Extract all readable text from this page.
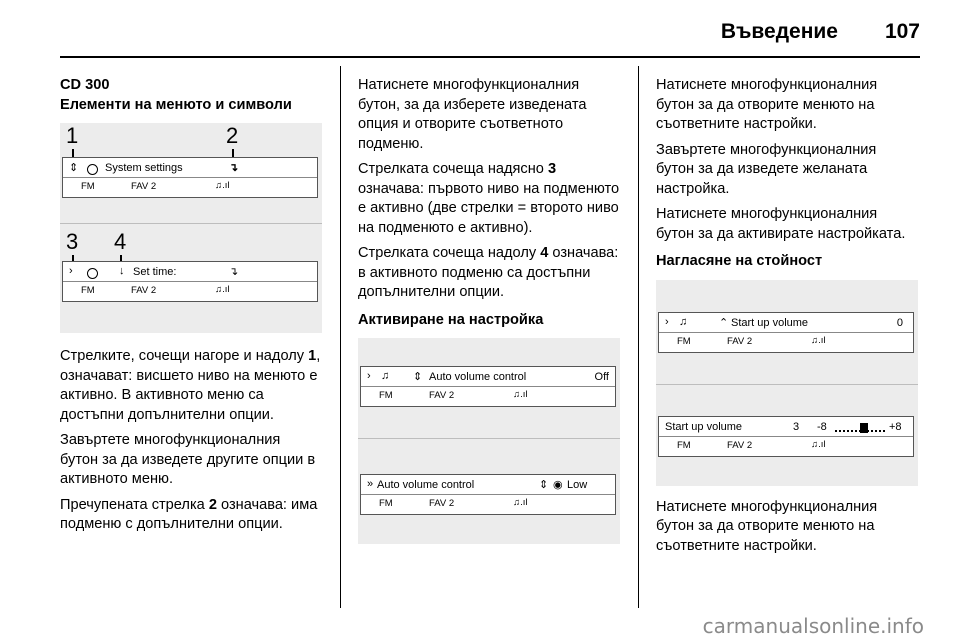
Въведение 107
CD 300
Елементи на менюто и символи
1	2
⇕ System settings	↴
FM	FAV 2	♫.ıl
3 4
›	↓ Set time:	↴
FM	FAV 2	♫.ıl

Стрелките, сочещи нагоре и надолу 1, означават: висшето ниво на менюто е активно. В активното меню са достъпни допълнителни опции.

Завъртете многофункционалния бутон за да изведете другите опции в активното меню.

Пречупената стрелка 2 означава: има подменю с допълнителни опции.

Натиснете многофункционалния бутон, за да изберете изведената опция и отворите съответното подменю.

Стрелката сочеща надясно 3 означава: първото ниво на подменюто е активно (две стрелки = второто ниво на подменюто е активно).

Стрелката сочеща надолу 4 означава: в активното подменю са достъпни допълнителни опции.

Активиране на настройка
› ♫ ⇕ Auto volume control	Off
FM	FAV 2	♫.ıl
» Auto volume control	⇕ ◉ Low
FM	FAV 2	♫.ıl

Натиснете многофункционалния бутон за да отворите менюто на съответните настройки.

Завъртете многофункционалния бутон за да изведете желаната настройка.

Натиснете многофункционалния бутон за да активирате настройката.

Нагласяне на стойност
› ♫	⌃ Start up volume	0
FM	FAV 2	♫.ıl
Start up volume	3 -8	+8
FM	FAV 2	♫.ıl

Натиснете многофункционалния бутон за да отворите менюто на съответните настройки.

carmanualsonline.info
